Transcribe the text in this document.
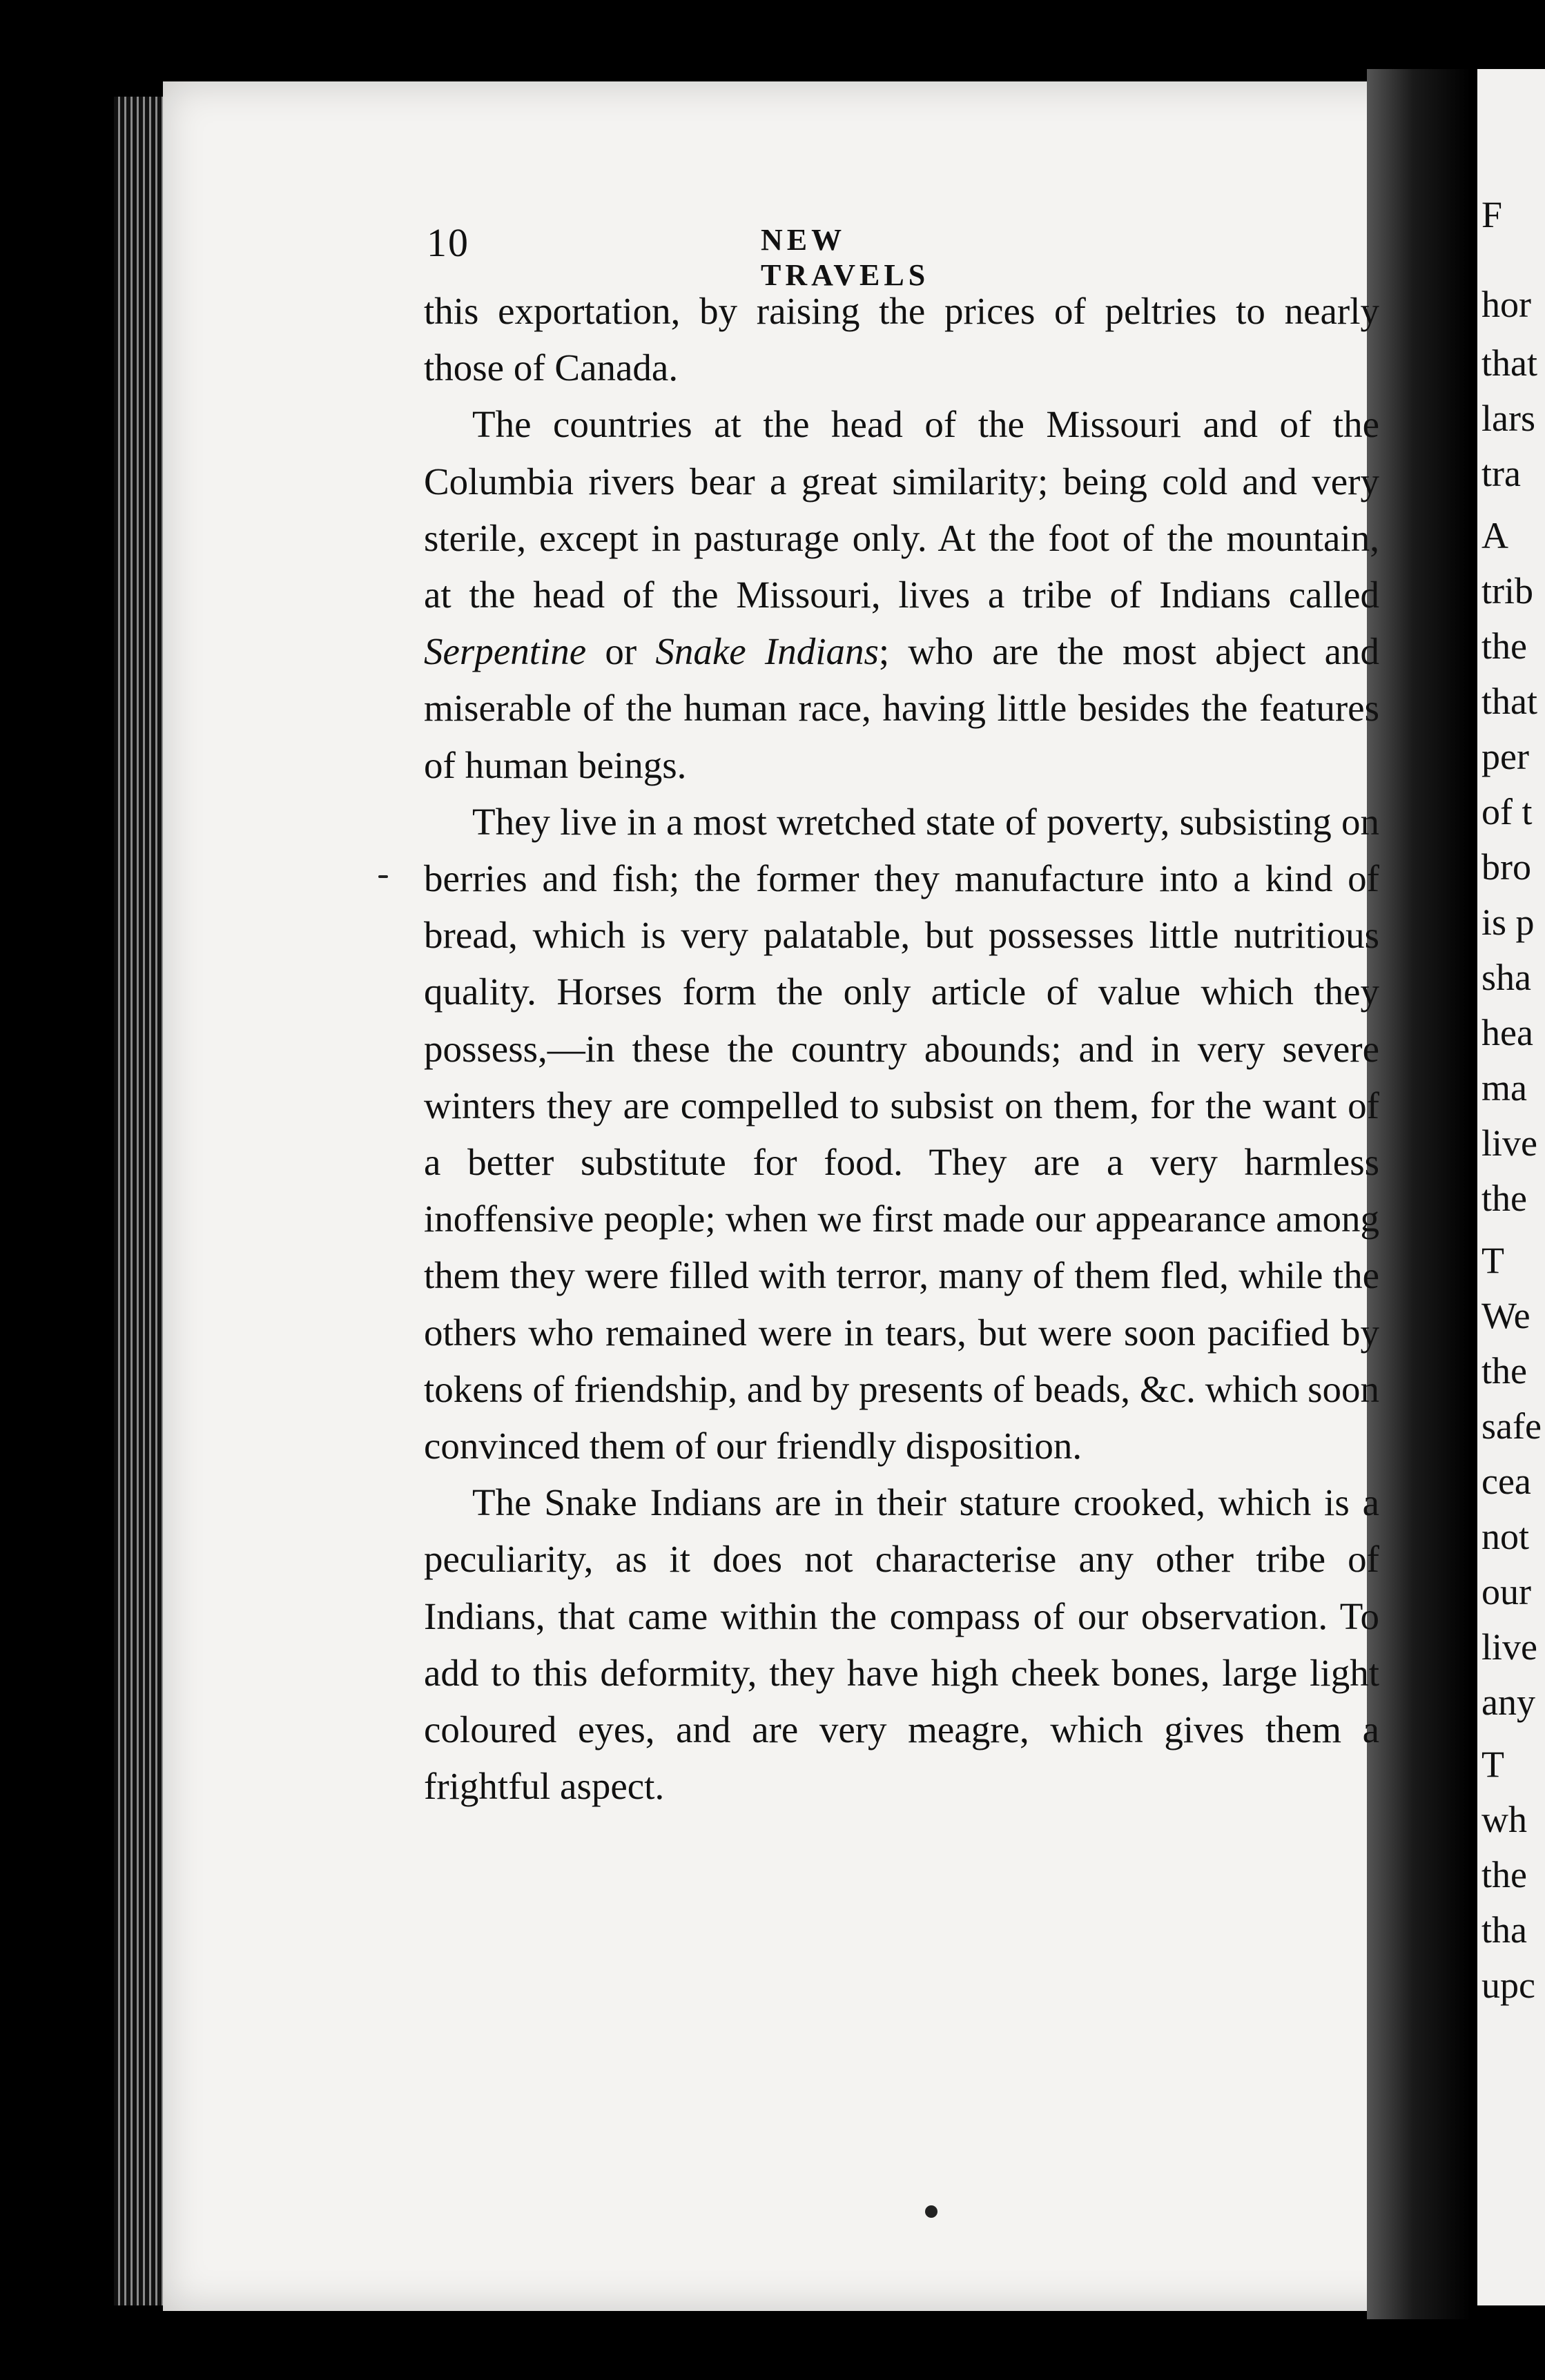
F
hor
that
lars
tra
A
trib
the
that
per
of t
bro
is p
sha
hea
ma
live
the
T
We
the
safe
cea
not
our
live
any
T
wh
the
tha
upc
10	NEW TRAVELS

this exportation, by raising the prices of peltries to nearly those of Canada.

The countries at the head of the Missouri and of the Columbia rivers bear a great similarity; being cold and very sterile, except in pasturage only. At the foot of the mountain, at the head of the Missouri, lives a tribe of Indians called Serpentine or Snake Indians; who are the most abject and miserable of the human race, having little besides the features of human beings.

They live in a most wretched state of poverty, subsisting on berries and fish; the former they manufacture into a kind of bread, which is very palatable, but possesses little nutritious quality. Horses form the only article of value which they possess,—in these the country abounds; and in very severe winters they are compelled to subsist on them, for the want of a better substitute for food. They are a very harmless inoffensive people; when we first made our appearance among them they were filled with terror, many of them fled, while the others who remained were in tears, but were soon pacified by tokens of friendship, and by presents of beads, &c. which soon convinced them of our friendly disposition.

The Snake Indians are in their stature crooked, which is a peculiarity, as it does not characterise any other tribe of Indians, that came within the compass of our observation. To add to this deformity, they have high cheek bones, large light coloured eyes, and are very meagre, which gives them a frightful aspect.
